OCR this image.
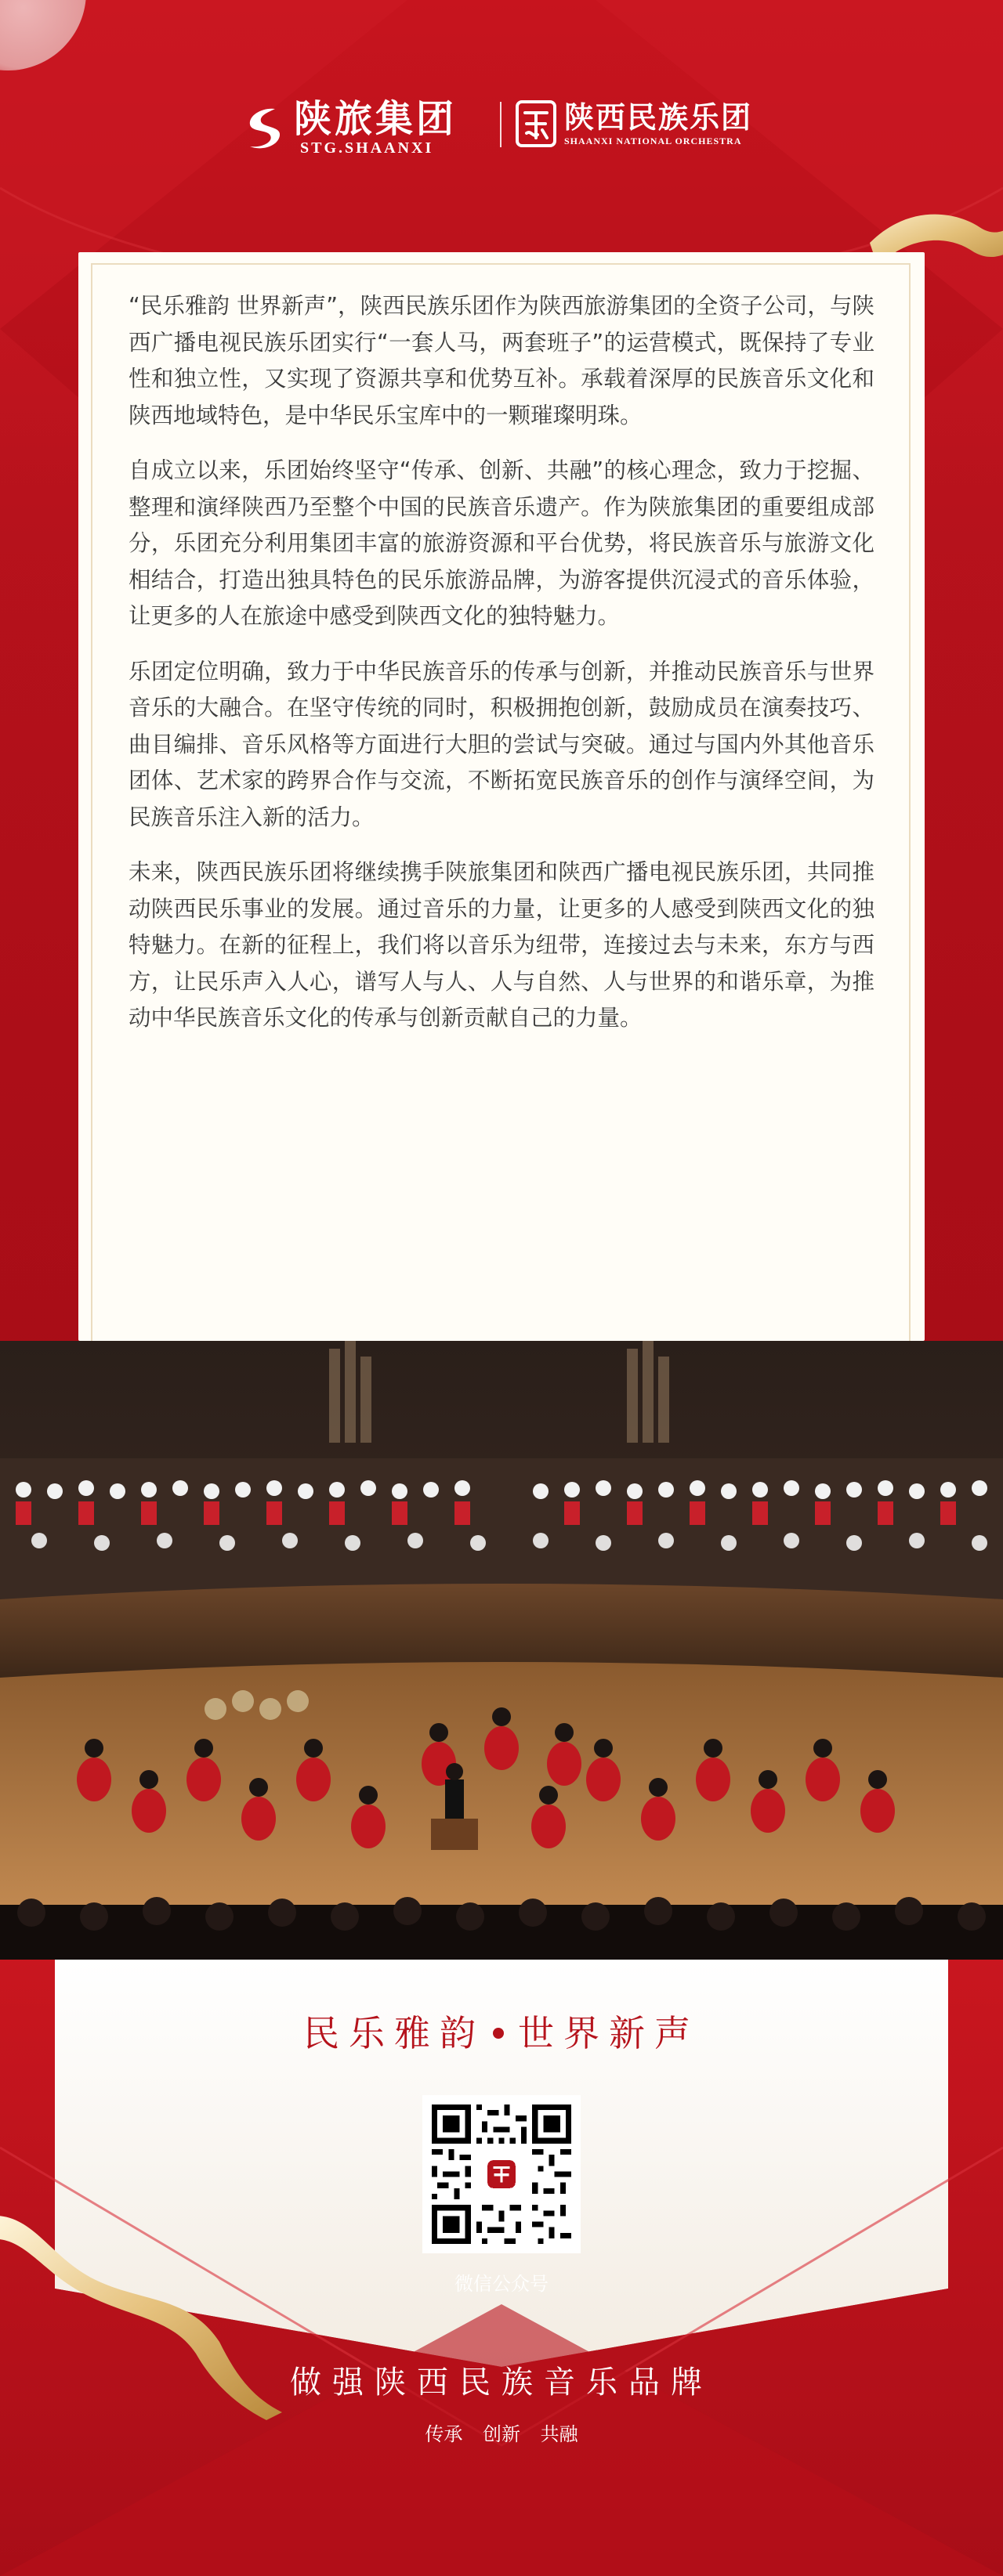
陕旅集团
STG.SHAANXI
陕西民族乐团
SHAANXI NATIONAL ORCHESTRA

“民乐雅韵 世界新声”，陕西民族乐团作为陕西旅游集团的全资子公司，与陕西广播电视民族乐团实行“一套人马，两套班子”的运营模式，既保持了专业性和独立性，又实现了资源共享和优势互补。承载着深厚的民族音乐文化和陕西地域特色，是中华民乐宝库中的一颗璀璨明珠。

自成立以来，乐团始终坚守“传承、创新、共融”的核心理念，致力于挖掘、整理和演绎陕西乃至整个中国的民族音乐遗产。作为陕旅集团的重要组成部分，乐团充分利用集团丰富的旅游资源和平台优势，将民族音乐与旅游文化相结合，打造出独具特色的民乐旅游品牌，为游客提供沉浸式的音乐体验，让更多的人在旅途中感受到陕西文化的独特魅力。

乐团定位明确，致力于中华民族音乐的传承与创新，并推动民族音乐与世界音乐的大融合。在坚守传统的同时，积极拥抱创新，鼓励成员在演奏技巧、曲目编排、音乐风格等方面进行大胆的尝试与突破。通过与国内外其他音乐团体、艺术家的跨界合作与交流，不断拓宽民族音乐的创作与演绎空间，为民族音乐注入新的活力。

未来，陕西民族乐团将继续携手陕旅集团和陕西广播电视民族乐团，共同推动陕西民乐事业的发展。通过音乐的力量，让更多的人感受到陕西文化的独特魅力。在新的征程上，我们将以音乐为纽带，连接过去与未来，东方与西方，让民乐声入人心，谱写人与人、人与自然、人与世界的和谐乐章，为推动中华民族音乐文化的传承与创新贡献自己的力量。

民乐雅韵 世界新声
微信公众号
做强陕西民族音乐品牌
传承 创新 共融
